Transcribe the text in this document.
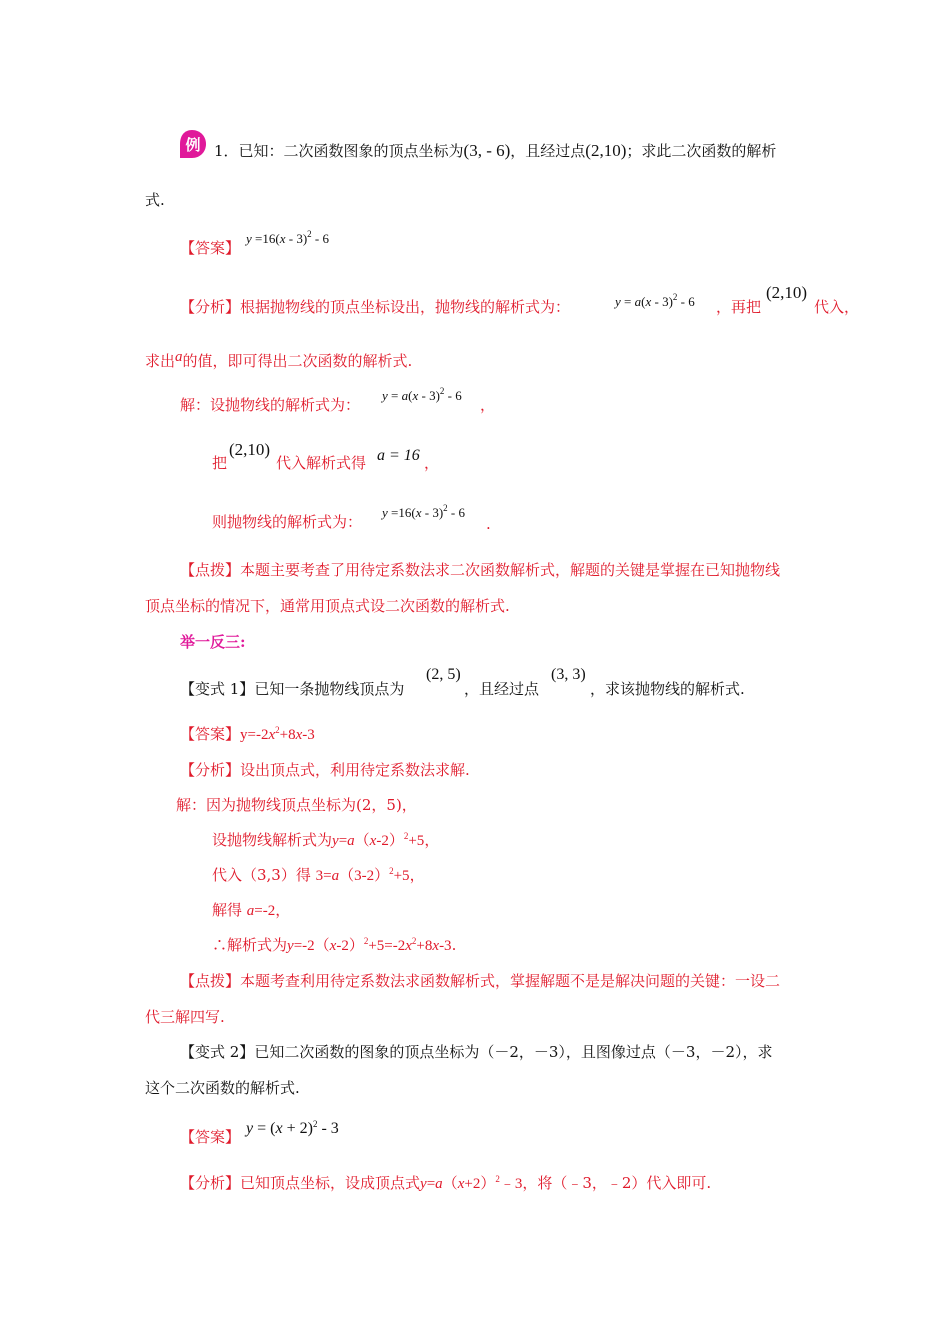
例 1．已知：二次函数图象的顶点坐标为(3, - 6)，且经过点(2,10)；求此二次函数的解析
式.
【答案】
y =16(x - 3)$^2$ - 6
【分析】根据抛物线的顶点坐标设出，抛物线的解析式为：	y = a(x - 3)$^2$ - 6 ，再把
(2,10)
代入，
求出a的值，即可得出二次函数的解析式.
解：设抛物线的解析式为：
y = a(x - 3)$^2$ - 6
，
把
(2,10)
代入解析式得 a = 16 ，
则抛物线的解析式为：
y =16(x - 3)$^2$ - 6
.
【点拨】本题主要考查了用待定系数法求二次函数解析式，解题的关键是掌握在已知抛物线
顶点坐标的情况下，通常用顶点式设二次函数的解析式.
举一反三:
【变式 1】已知一条抛物线顶点为
(2, 5)
，且经过点
(3, 3)
，求该抛物线的解析式.
【答案】$y=-2x^2+8x-3$
【分析】设出顶点式，利用待定系数法求解.
解：因为抛物线顶点坐标为(2，5)，
设抛物线解析式为$y=a(x-2)^2+5$，
代入（3,3）得 $3=a(3-2)^2+5$，
解得 a=-2，
∴解析式为$y=-2(x-2)^2+5=-2x^2+8x-3$.
【点拨】本题考查利用待定系数法求函数解析式，掌握解题不是是解决问题的关键：一设二
代三解四写.
【变式 2】已知二次函数的图象的顶点坐标为（－2，－3），且图像过点（－3，－2），求
这个二次函数的解析式.
【答案】 $y = (x + 2)^2 - 3$
【分析】已知顶点坐标，设成顶点式$y=a(x+2)^2﹣3$，将（﹣3，﹣2）代入即可.
